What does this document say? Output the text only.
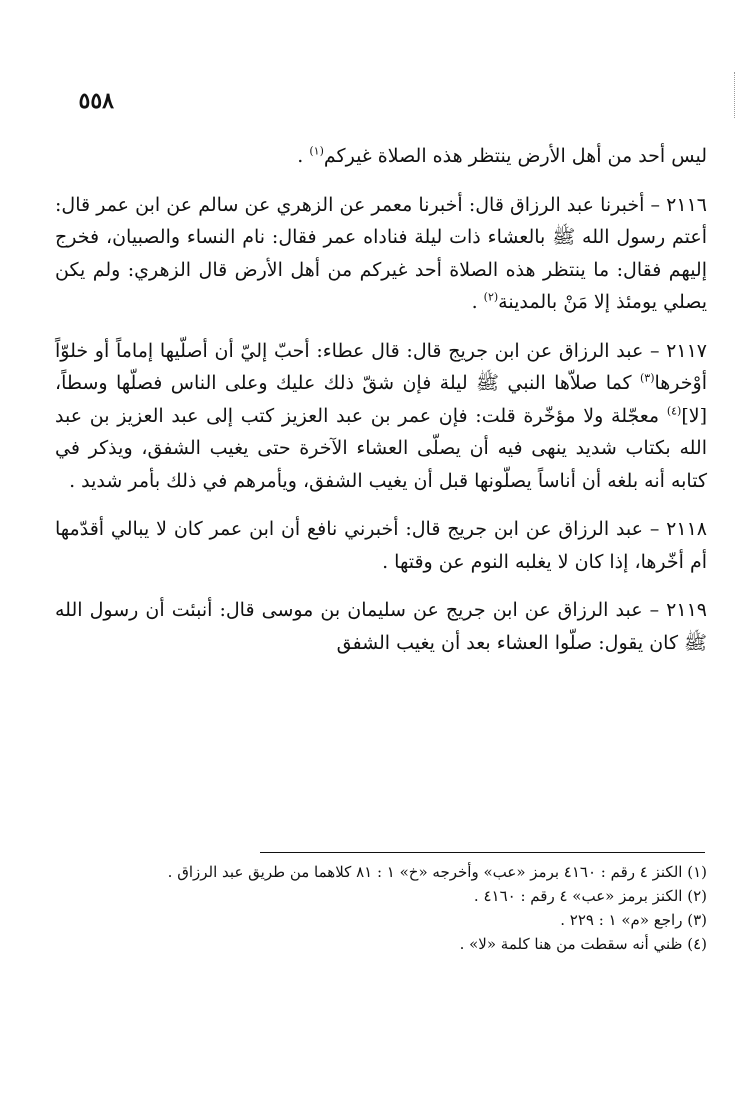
٥٥٨

ليس أحد من أهل الأرض ينتظر هذه الصلاة غيركم$^{(١)}$ .

٢١١٦ – أخبرنا عبد الرزاق قال: أخبرنا معمر عن الزهري عن سالم عن ابن عمر قال: أعتم رسول الله ﷺ بالعشاء ذات ليلة فناداه عمر فقال: نام النساء والصبيان، فخرج إليهم فقال: ما ينتظر هذه الصلاة أحد غيركم من أهل الأرض قال الزهري: ولم يكن يصلي يومئذ إلا مَنْ بالمدينة$^{(٢)}$ .

٢١١٧ – عبد الرزاق عن ابن جريج قال: قال عطاء: أحبّ إليّ أن أصلّيها إماماً أو خلوّاً أوْخرها$^{(٣)}$ كما صلاّها النبي ﷺ ليلة فإن شقّ ذلك عليك وعلى الناس فصلّها وسطاً، [لا]$^{(٤)}$ معجّلة ولا مؤخّرة قلت: فإن عمر بن عبد العزيز كتب إلى عبد العزيز بن عبد الله بكتاب شديد ينهى فيه أن يصلّى العشاء الآخرة حتى يغيب الشفق، ويذكر في كتابه أنه بلغه أن أناساً يصلّونها قبل أن يغيب الشفق، ويأمرهم في ذلك بأمر شديد .

٢١١٨ – عبد الرزاق عن ابن جريج قال: أخبرني نافع أن ابن عمر كان لا يبالي أقدّمها أم أخّرها، إذا كان لا يغلبه النوم عن وقتها .

٢١١٩ – عبد الرزاق عن ابن جريج عن سليمان بن موسى قال: أنبئت أن رسول الله ﷺ كان يقول: صلّوا العشاء بعد أن يغيب الشفق

(١) الكنز ٤ رقم : ٤١٦٠ برمز «عب» وأخرجه «خ» ١ : ٨١ كلاهما من طريق عبد الرزاق .

(٢) الكنز برمز «عب» ٤ رقم : ٤١٦٠ .

(٣) راجع «م» ١ : ٢٢٩ .

(٤) ظني أنه سقطت من هنا كلمة «لا» .
